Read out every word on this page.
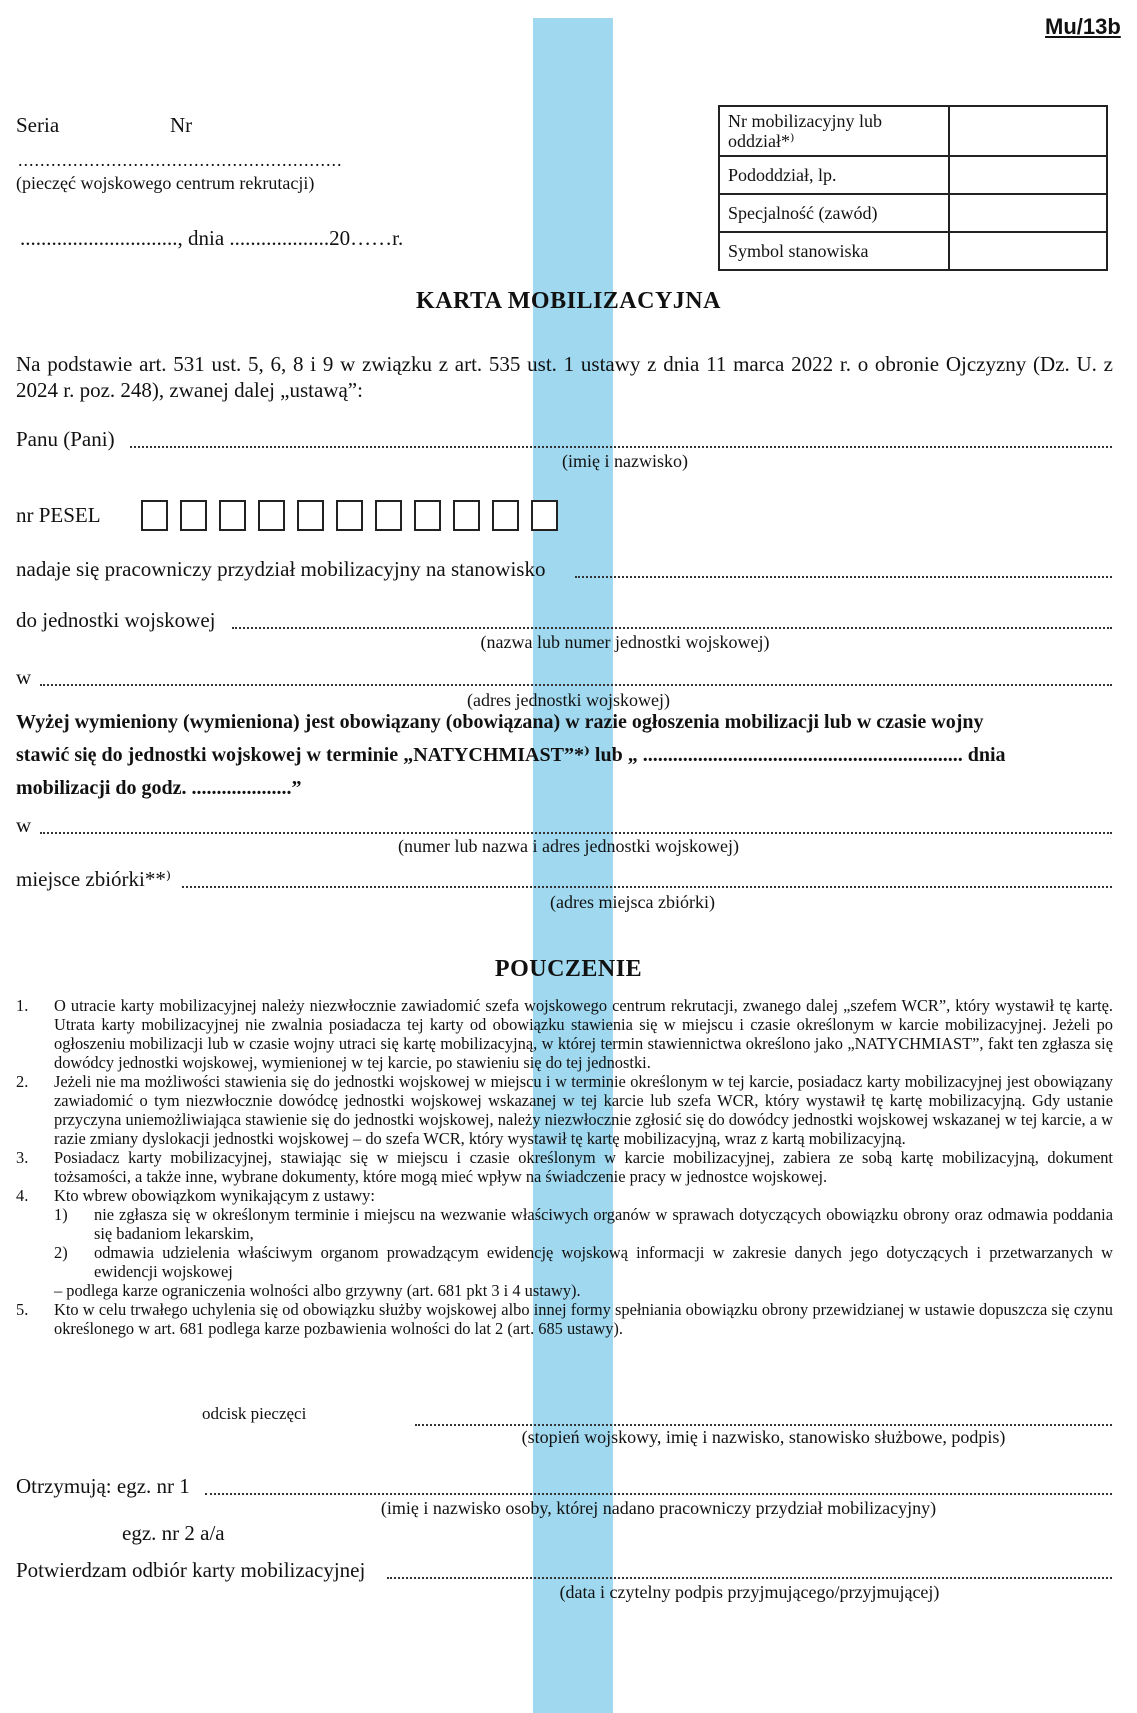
Mu/13b
Seria	Nr
...........................................................
(pieczęć wojskowego centrum rekrutacji)
.............................., dnia ...................20……r.
Nr mobilizacyjny lub oddział*⁾	
Pododdział, lp.	
Specjalność (zawód)	
Symbol stanowiska	
KARTA MOBILIZACYJNA
Na podstawie art. 531 ust. 5, 6, 8 i 9 w związku z art. 535 ust. 1 ustawy z dnia 11 marca 2022 r. o obronie Ojczyzny (Dz. U. z 2024 r. poz. 248), zwanej dalej „ustawą”:
Panu (Pani)
(imię i nazwisko)
nr PESEL
nadaje się pracowniczy przydział mobilizacyjny na stanowisko
do jednostki wojskowej
(nazwa lub numer jednostki wojskowej)
w
(adres jednostki wojskowej)
Wyżej wymieniony (wymieniona) jest obowiązany (obowiązana) w razie ogłoszenia mobilizacji lub w czasie wojny
stawić się do jednostki wojskowej w terminie „NATYCHMIAST”*⁾ lub „ ................................................................ dnia
mobilizacji do godz. ....................”
w
(numer lub nazwa i adres jednostki wojskowej)
miejsce zbiórki**⁾
(adres miejsca zbiórki)
POUCZENIE
1.	O utracie karty mobilizacyjnej należy niezwłocznie zawiadomić szefa wojskowego centrum rekrutacji, zwanego dalej „szefem WCR”, który wystawił tę kartę. Utrata karty mobilizacyjnej nie zwalnia posiadacza tej karty od obowiązku stawienia się w miejscu i czasie określonym w karcie mobilizacyjnej. Jeżeli po ogłoszeniu mobilizacji lub w czasie wojny utraci się kartę mobilizacyjną, w której termin stawiennictwa określono jako „NATYCHMIAST”, fakt ten zgłasza się dowódcy jednostki wojskowej, wymienionej w tej karcie, po stawieniu się do tej jednostki.
2.	Jeżeli nie ma możliwości stawienia się do jednostki wojskowej w miejscu i w terminie określonym w tej karcie, posiadacz karty mobilizacyjnej jest obowiązany zawiadomić o tym niezwłocznie dowódcę jednostki wojskowej wskazanej w tej karcie lub szefa WCR, który wystawił tę kartę mobilizacyjną. Gdy ustanie przyczyna uniemożliwiająca stawienie się do jednostki wojskowej, należy niezwłocznie zgłosić się do dowódcy jednostki wojskowej wskazanej w tej karcie, a w razie zmiany dyslokacji jednostki wojskowej – do szefa WCR, który wystawił tę kartę mobilizacyjną, wraz z kartą mobilizacyjną.
3.	Posiadacz karty mobilizacyjnej, stawiając się w miejscu i czasie określonym w karcie mobilizacyjnej, zabiera ze sobą kartę mobilizacyjną, dokument tożsamości, a także inne, wybrane dokumenty, które mogą mieć wpływ na świadczenie pracy w jednostce wojskowej.
4.	Kto wbrew obowiązkom wynikającym z ustawy:
1)	nie zgłasza się w określonym terminie i miejscu na wezwanie właściwych organów w sprawach dotyczących obowiązku obrony oraz odmawia poddania się badaniom lekarskim,
2)	odmawia udzielenia właściwym organom prowadzącym ewidencję wojskową informacji w zakresie danych jego dotyczących i przetwarzanych w ewidencji wojskowej
– podlega karze ograniczenia wolności albo grzywny (art. 681 pkt 3 i 4 ustawy).
5.	Kto w celu trwałego uchylenia się od obowiązku służby wojskowej albo innej formy spełniania obowiązku obrony przewidzianej w ustawie dopuszcza się czynu określonego w art. 681 podlega karze pozbawienia wolności do lat 2 (art. 685 ustawy).
odcisk pieczęci
(stopień wojskowy, imię i nazwisko, stanowisko służbowe, podpis)
Otrzymują: egz. nr 1
(imię i nazwisko osoby, której nadano pracowniczy przydział mobilizacyjny)
egz. nr 2 a/a
Potwierdzam odbiór karty mobilizacyjnej
(data i czytelny podpis przyjmującego/przyjmującej)
